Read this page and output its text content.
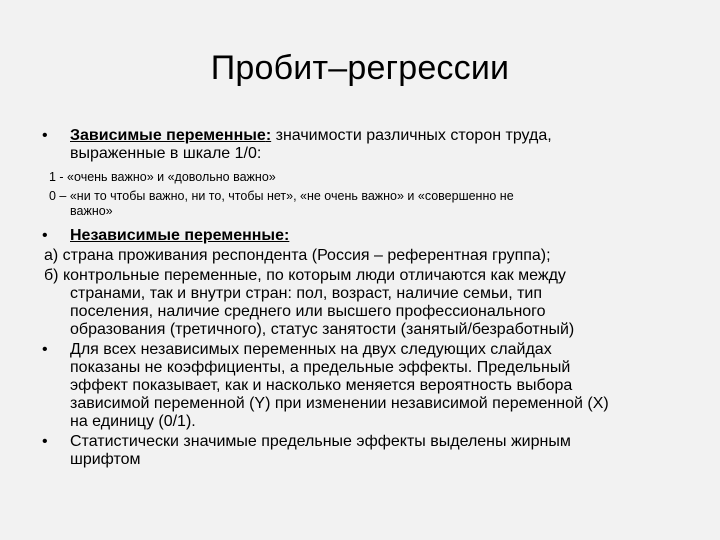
Пробит–регрессии
• Зависимые переменные: значимости различных сторон труда,
выраженные в шкале 1/0:
1 - «очень важно» и «довольно важно»
0 – «ни то чтобы важно, ни то, чтобы нет», «не очень важно» и «совершенно не
важно»
• Независимые переменные:
а) страна проживания респондента (Россия – референтная группа);
б) контрольные переменные, по которым люди отличаются как между
странами, так и внутри стран: пол, возраст, наличие семьи, тип
поселения, наличие среднего или высшего профессионального
образования (третичного), статус занятости (занятый/безработный)
• Для всех независимых переменных на двух следующих слайдах
показаны не коэффициенты, а предельные эффекты. Предельный
эффект показывает, как и насколько меняется вероятность выбора
зависимой переменной (Y) при изменении независимой переменной (X)
на единицу (0/1).
• Статистически значимые предельные эффекты выделены жирным
шрифтом
